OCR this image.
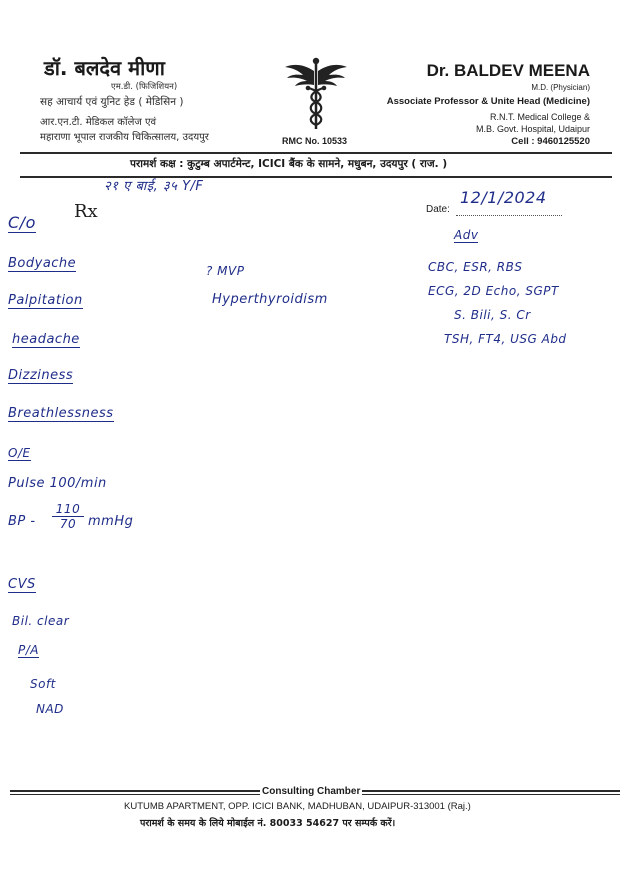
डॉ. बलदेव मीणा
एम.डी. (फिजिशियन)
सह आचार्य एवं युनिट हेड ( मेडिसिन )
आर.एन.टी. मेडिकल कॉलेज एवं
महाराणा भूपाल राजकीय चिकित्सालय, उदयपुर	RMC No. 10533
Dr. BALDEV MEENA
M.D. (Physician)
Associate Professor & Unite Head (Medicine)
R.N.T. Medical College &
M.B. Govt. Hospital, Udaipur
Cell : 9460125520
परामर्श कक्ष : कुटुम्ब अपार्टमेन्ट, ICICI बैंक के सामने, मधुबन, उदयपुर ( राज. )
२१ ए बाई, ३५ Y/F
Rx	Date:
12/1/2024
C/o
Bodyache
Palpitation
headache
Dizziness
Breathlessness
O/E
Pulse 100/min
BP -
110
70 mmHg
CVS
Bil. clear
P/A
Soft
NAD
? MVP
Hyperthyroidism
Adv
CBC, ESR, RBS
ECG, 2D Echo, SGPT
S. Bili, S. Cr
TSH, FT4, USG Abd
Consulting Chamber
KUTUMB APARTMENT, OPP. ICICI BANK, MADHUBAN, UDAIPUR-313001 (Raj.)
परामर्श के समय के लिये मोबाईल नं. 80033 54627 पर सम्पर्क करें।
